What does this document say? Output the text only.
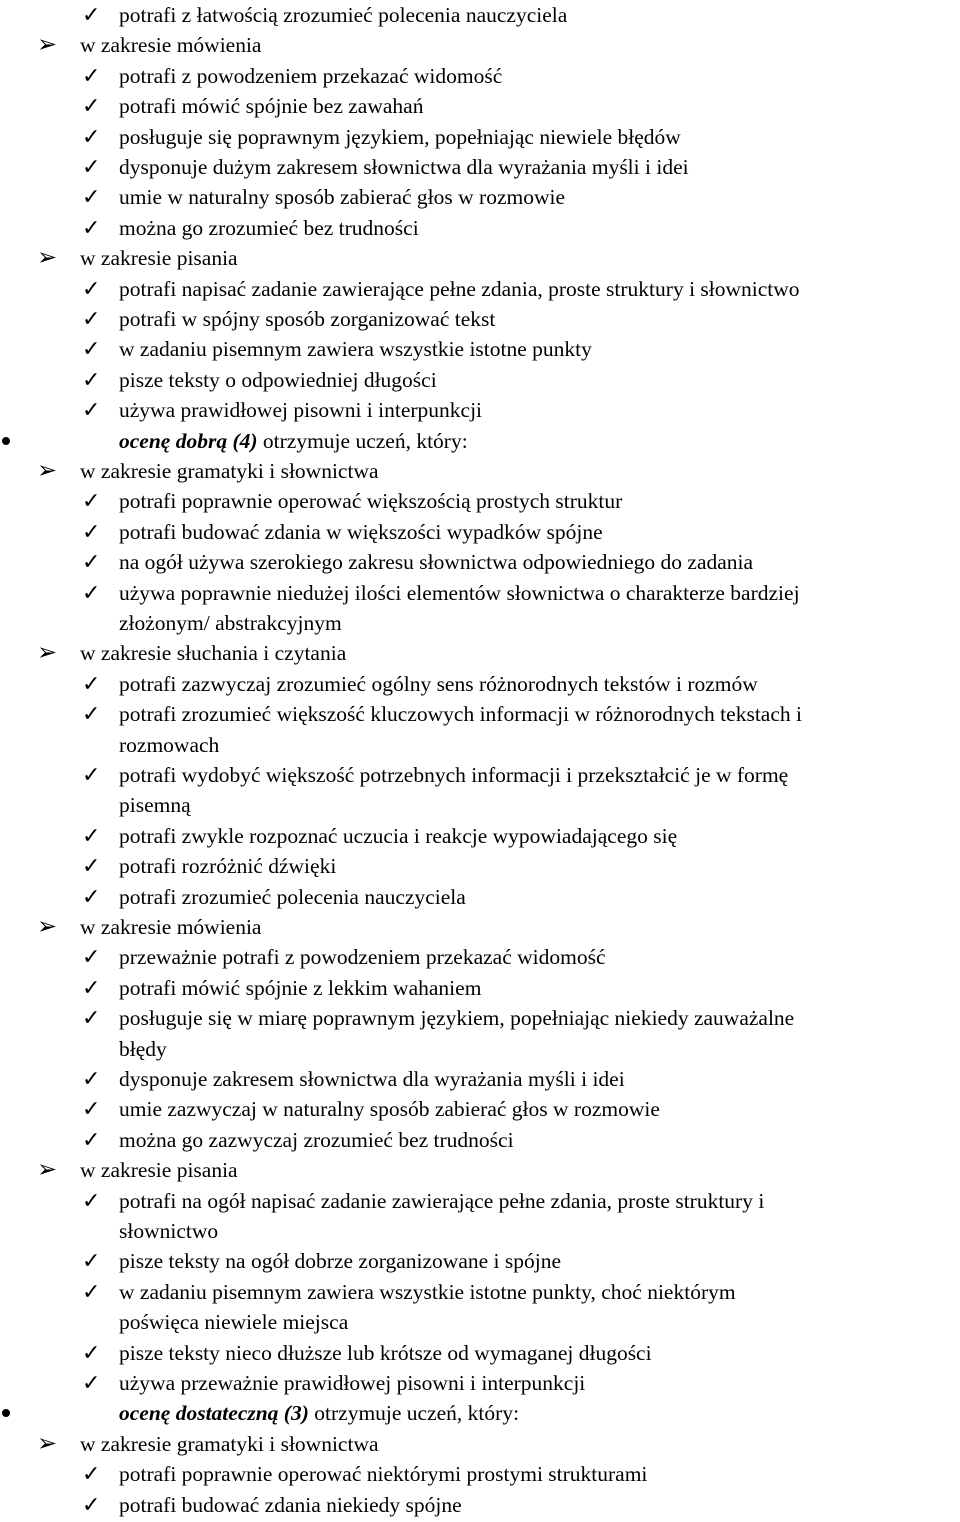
✓ potrafi z łatwością zrozumieć polecenia nauczyciela
➢ w zakresie mówienia
✓ potrafi z powodzeniem przekazać widomość
✓ potrafi mówić spójnie bez zawahań
✓ posługuje się poprawnym językiem, popełniając niewiele błędów
✓ dysponuje dużym zakresem słownictwa dla wyrażania myśli i idei
✓ umie w naturalny sposób zabierać głos w rozmowie
✓ można go zrozumieć bez trudności
➢ w zakresie pisania
✓ potrafi napisać zadanie zawierające pełne zdania, proste struktury i słownictwo
✓ potrafi w spójny sposób zorganizować tekst
✓ w zadaniu pisemnym zawiera wszystkie istotne punkty
✓ pisze teksty o odpowiedniej długości
✓ używa prawidłowej pisowni i interpunkcji
ocenę dobrą (4) otrzymuje uczeń, który:
➢ w zakresie gramatyki i słownictwa
✓ potrafi poprawnie operować większością prostych struktur
✓ potrafi budować zdania w większości wypadków spójne
✓ na ogół używa szerokiego zakresu słownictwa odpowiedniego do zadania
✓ używa poprawnie niedużej ilości elementów słownictwa o charakterze bardziej
złożonym/ abstrakcyjnym
➢ w zakresie słuchania i czytania
✓ potrafi zazwyczaj zrozumieć ogólny sens różnorodnych tekstów i rozmów
✓ potrafi zrozumieć większość kluczowych informacji w różnorodnych tekstach i
rozmowach
✓ potrafi wydobyć większość potrzebnych informacji i przekształcić je w formę
pisemną
✓ potrafi zwykle rozpoznać uczucia i reakcje wypowiadającego się
✓ potrafi rozróżnić dźwięki
✓ potrafi zrozumieć polecenia nauczyciela
➢ w zakresie mówienia
✓ przeważnie potrafi z powodzeniem przekazać widomość
✓ potrafi mówić spójnie z lekkim wahaniem
✓ posługuje się w miarę poprawnym językiem, popełniając niekiedy zauważalne
błędy
✓ dysponuje zakresem słownictwa dla wyrażania myśli i idei
✓ umie zazwyczaj w naturalny sposób zabierać głos w rozmowie
✓ można go zazwyczaj zrozumieć bez trudności
➢ w zakresie pisania
✓ potrafi na ogół napisać zadanie zawierające pełne zdania, proste struktury i
słownictwo
✓ pisze teksty na ogół dobrze zorganizowane i spójne
✓ w zadaniu pisemnym zawiera wszystkie istotne punkty, choć niektórym
poświęca niewiele miejsca
✓ pisze teksty nieco dłuższe lub krótsze od wymaganej długości
✓ używa przeważnie prawidłowej pisowni i interpunkcji
ocenę dostateczną (3) otrzymuje uczeń, który:
➢ w zakresie gramatyki i słownictwa
✓ potrafi poprawnie operować niektórymi prostymi strukturami
✓ potrafi budować zdania niekiedy spójne
